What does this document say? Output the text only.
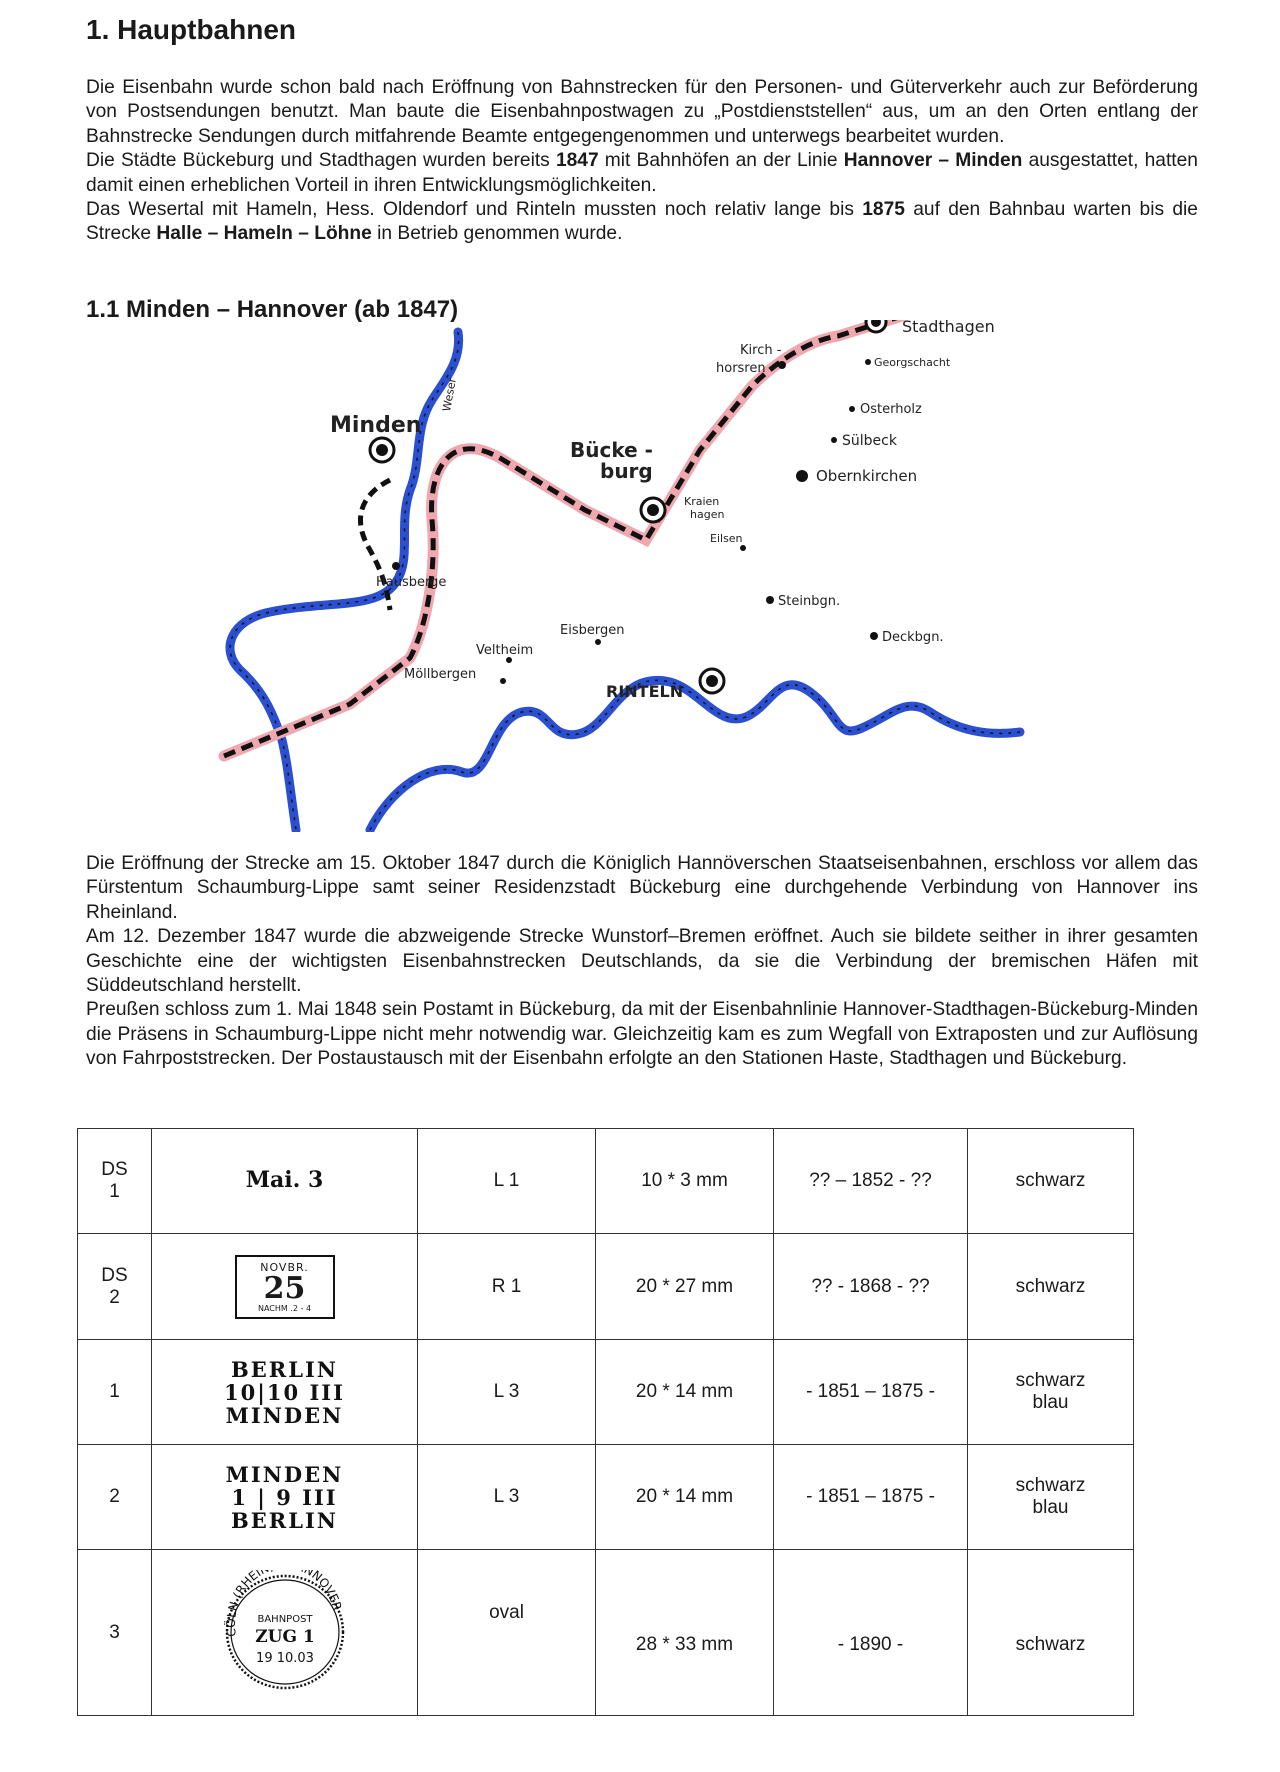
1. Hauptbahnen

Die Eisenbahn wurde schon bald nach Eröffnung von Bahnstrecken für den Personen- und Güterverkehr auch zur Beförderung von Postsendungen benutzt. Man baute die Eisenbahnpostwagen zu „Postdienststellen“ aus, um an den Orten entlang der Bahnstrecke Sendungen durch mitfahrende Beamte entgegengenommen und unterwegs bearbeitet wurden.

Die Städte Bückeburg und Stadthagen wurden bereits 1847 mit Bahnhöfen an der Linie Hannover – Minden ausgestattet, hatten damit einen erheblichen Vorteil in ihren Entwicklungsmöglichkeiten.

Das Wesertal mit Hameln, Hess. Oldendorf und Rinteln mussten noch relativ lange bis 1875 auf den Bahnbau warten bis die Strecke Halle – Hameln – Löhne in Betrieb genommen wurde.

1.1 Minden – Hannover (ab 1847)
Minden
Weser
Bücke -
burg
Kirch -
horsren
Stadthagen
Georgschacht
Osterholz
Sülbeck
Obernkirchen
Kraien
hagen
Eilsen
Hausberge
Steinbgn.
Deckbgn.
Eisbergen
Veltheim
Möllbergen
RINTELN

Die Eröffnung der Strecke am 15. Oktober 1847 durch die Königlich Hannöverschen Staatseisenbahnen, erschloss vor allem das Fürstentum Schaumburg-Lippe samt seiner Residenzstadt Bückeburg eine durchgehende Verbindung von Hannover ins Rheinland.

Am 12. Dezember 1847 wurde die abzweigende Strecke Wunstorf–Bremen eröffnet. Auch sie bildete seither in ihrer gesamten Geschichte eine der wichtigsten Eisenbahnstrecken Deutschlands, da sie die Verbindung der bremischen Häfen mit Süddeutschland herstellt.

Preußen schloss zum 1. Mai 1848 sein Postamt in Bückeburg, da mit der Eisenbahnlinie Hannover-Stadthagen-Bückeburg-Minden die Präsens in Schaumburg-Lippe nicht mehr notwendig war. Gleichzeitig kam es zum Wegfall von Extraposten und zur Auflösung von Fahrpoststrecken. Der Postaustausch mit der Eisenbahn erfolgte an den Stationen Haste, Stadthagen und Bückeburg.

DS
1	Mai. 3	L 1	10 * 3 mm	?? – 1852 - ??	schwarz

DS
2	NOVBR.
25
NACHM .2 - 4	R 1	20 * 27 mm	?? - 1868 - ??	schwarz

1	BERLIN
10|10 III
MINDEN	L 3	20 * 14 mm	- 1851 – 1875 -	schwarz
blau

2	MINDEN
1 | 9 III
BERLIN	L 3	20 * 14 mm	- 1851 – 1875 -	schwarz
blau

3	CÖLN (RHEI NNOVER
BAHNPOST
ZUG 1
19 10.03	oval	28 * 33 mm	- 1890 -	schwarz
